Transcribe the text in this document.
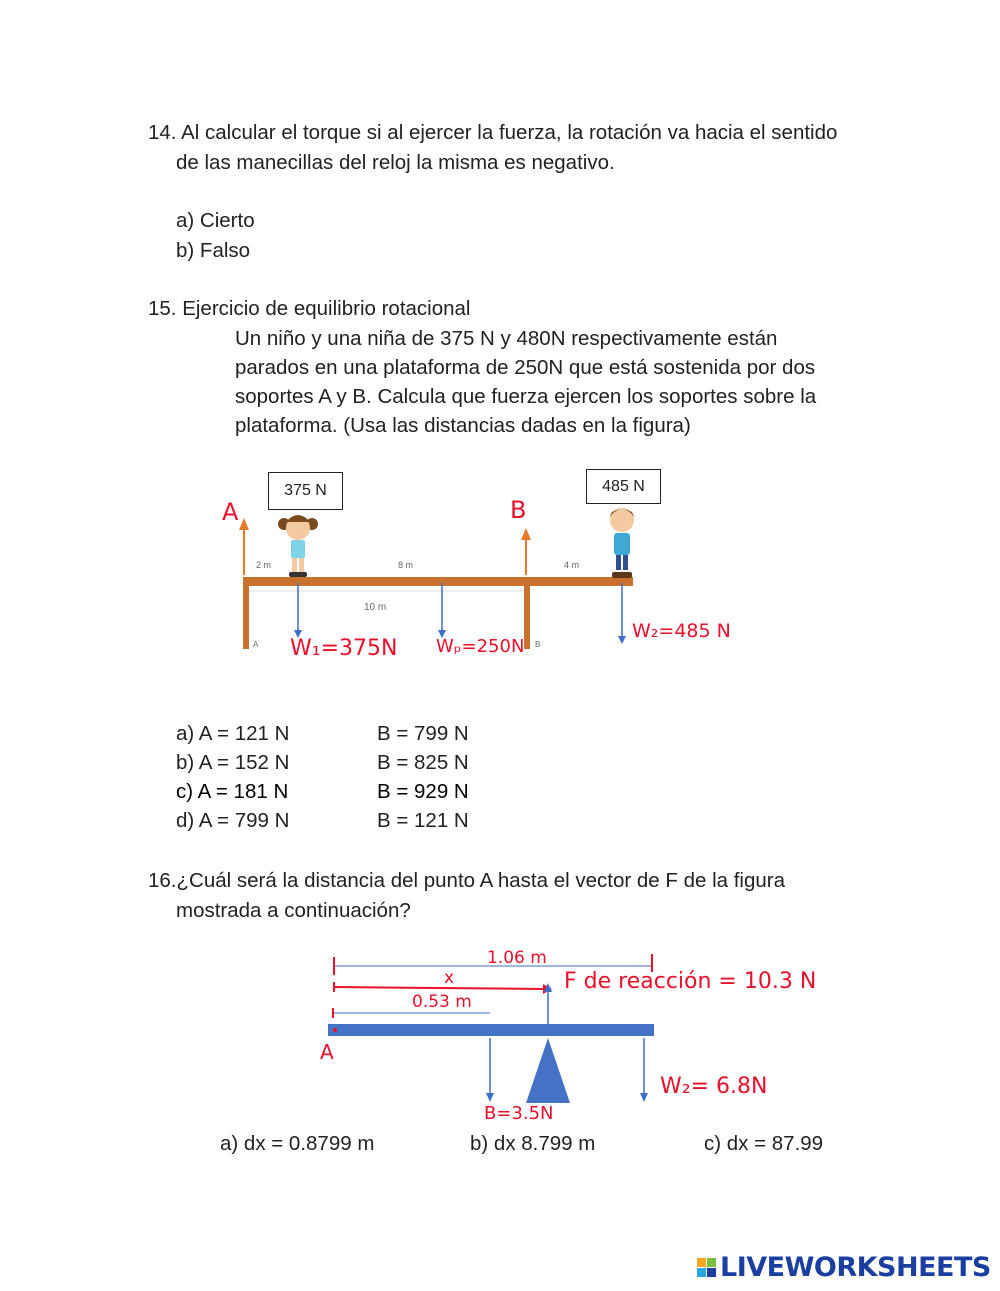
14. Al calcular el torque si al ejercer la fuerza, la rotación va hacia el sentido
de las manecillas del reloj la misma es negativo.
a) Cierto
b) Falso
15. Ejercicio de equilibrio rotacional
Un niño y una niña de 375 N y 480N respectivamente están
parados en una plataforma de 250N que está sostenida por dos
soportes A y B. Calcula que fuerza ejercen los soportes sobre la
plataforma. (Usa las distancias dadas en la figura)
375 N	485 N
A	B
2 m	8 m	4 m
10 m
A	B
W₁=375N Wₚ=250N
W₂=485 N
a) A = 121 N	B = 799 N
b) A = 152 N	B = 825 N
c) A = 181 N	B = 929 N
d) A = 799 N	B = 121 N
16.¿Cuál será la distancia del punto A hasta el vector de F de la figura
mostrada a continuación?
1.06 m
x
0.53 m
F de reacción = 10.3 N
A
W₂= 6.8N
B=3.5N
a) dx = 0.8799 m	b) dx 8.799 m	c) dx = 87.99
LIVEWORKSHEETS
